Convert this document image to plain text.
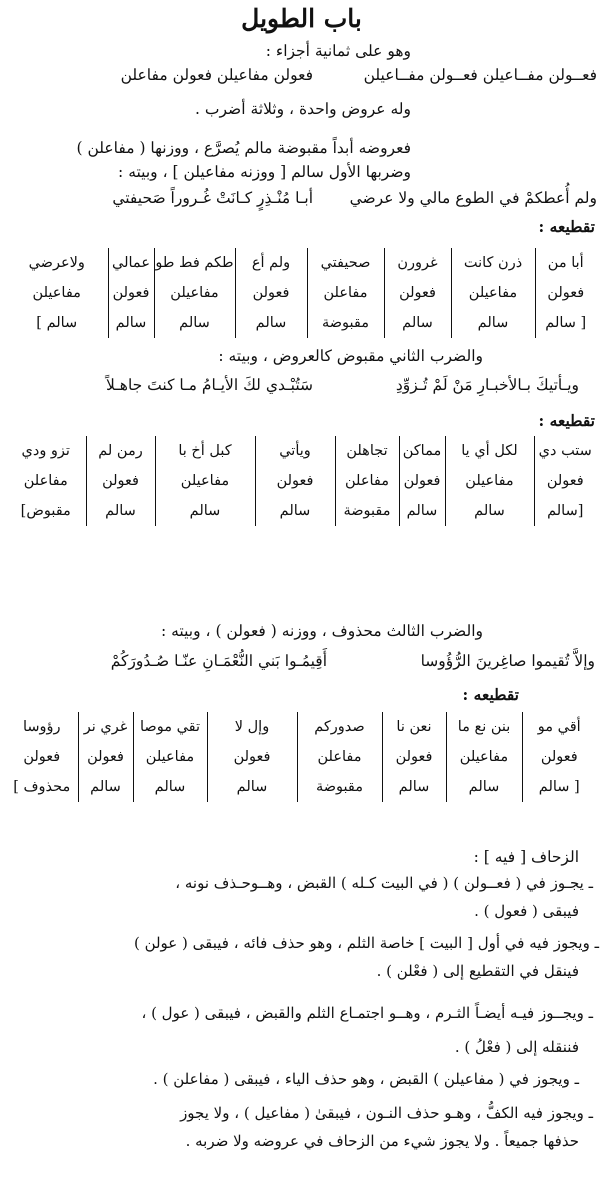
باب الطويل
وهو على ثمانية أجزاء :
فعولن مفاعيلن فعولن مفاعلن	فعــولن مفــاعيلن فعــولن مفــاعيلن
وله عروض واحدة ، وثلاثة أضرب .
فعروضه أبداً مقبوضة مالم يُصرَّع ، ووزنها ( مفاعلن )
وضربها الأول سالم [ ووزنه مفاعيلن ] ، وبيته :
أبـا مُنْـذِرٍ كـانَتْ غُـروراً صَحيفتي ولم أُعطكمْ في الطوع مالي ولا عرضي
تقطيعه :
أبا من	ذرن كانت	غرورن	صحيفتي	ولم أع	طكم فط طو	عمالي	ولاعرضي
فعولن	مفاعيلن	فعولن	مفاعلن	فعولن	مفاعيلن	فعولن	مفاعيلن
[ سالم	سالم	سالم	مقبوضة	سالم	سالم	سالم	سالم ]
والضرب الثاني مقبوض كالعروض ، وبيته :
سَتُبْـدي لكَ الأيـامُ مـا كنتَ جاهـلاً	ويـأتيكَ بـالأخبـارِ مَنْ لَمْ تُـزوِّدِ
تقطيعه :
ستب دي	لكل أي يا	مماكن	تجاهلن	ويأتي	كبل أخ با	رمن لم	تزو ودي
فعولن	مفاعيلن	فعولن	مفاعلن	فعولن	مفاعيلن	فعولن	مفاعلن
[سالم	سالم	سالم	مقبوضة	سالم	سالم	سالم	مقبوض]
والضرب الثالث محذوف ، ووزنه ( فعولن ) ، وبيته :
أَقِيمُـوا بَني النُّعْمَـانِ عنّـا صُـدُورَكُمْ	وإلاَّ تُقيموا صاغِرينَ الرُّؤُوسا
تقطيعه :
أقي مو	بنن نع ما	نعن نا	صدوركم	وإل لا	تقي موصا	غري نر	رؤوسا
فعولن	مفاعيلن	فعولن	مفاعلن	فعولن	مفاعيلن	فعولن	فعولن
[ سالم	سالم	سالم	مقبوضة	سالم	سالم	سالم	محذوف ]
الزحاف [ فيه ] :
ـ يجـوز في ( فعــولن ) ( في البيت كـله ) القبض ، وهــوحـذف نونه ،
فيبقى ( فعول ) .
ـ ويجوز فيه في أول [ البيت ] خاصة الثلم ، وهو حذف فائه ، فيبقى ( عولن )
فينقل في التقطيع إلى ( فعْلن ) .
ـ ويجــوز فيـه أيضـاً الثـرم ، وهــو اجتمـاع الثلم والقبض ، فيبقى ( عول ) ،
فننقله إلى ( فعْلُ ) .
ـ ويجوز في ( مفاعيلن ) القبض ، وهو حذف الياء ، فيبقى ( مفاعلن ) .
ـ ويجوز فيه الكفُّ ، وهـو حذف النـون ، فيبقىٰ ( مفاعيل ) ، ولا يجوز
حذفها جميعاً . ولا يجوز شيء من الزحاف في عروضه ولا ضربه .
